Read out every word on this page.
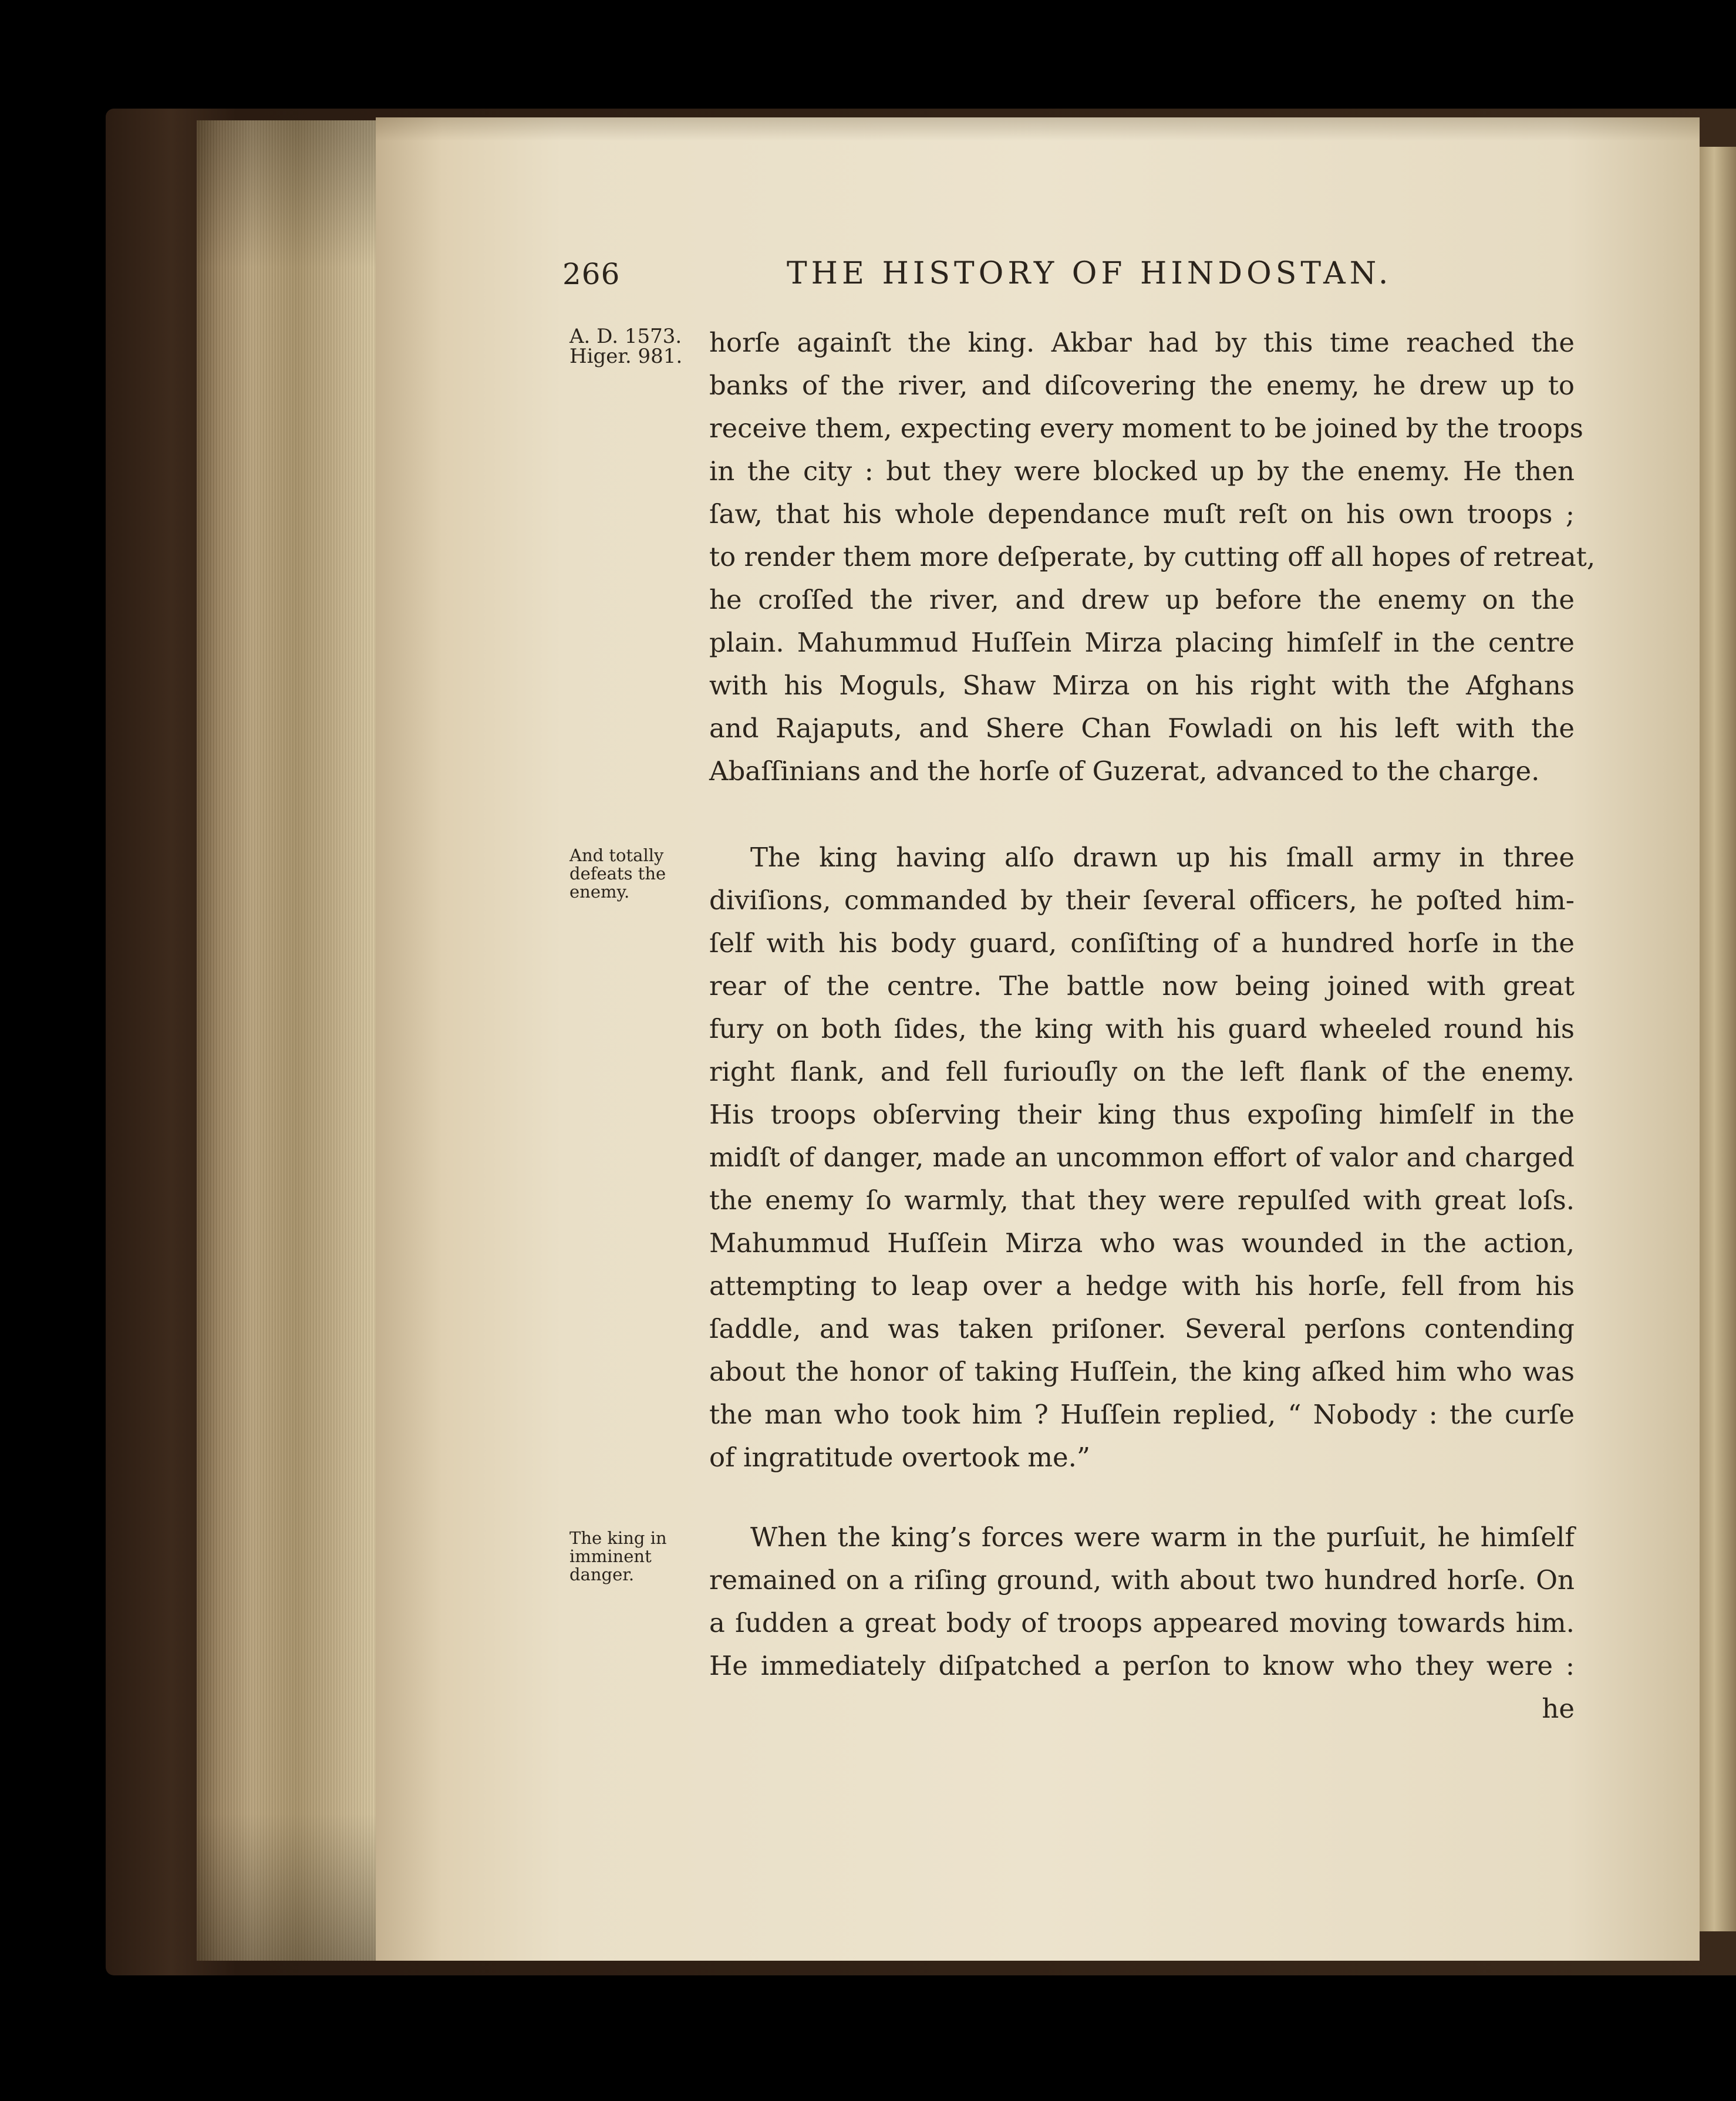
266	THE HISTORY OF HINDOSTAN.
A. D. 1573.
Higer. 981.
And totally
defeats the
enemy.
The king in
imminent
danger.
horſe againſt the king. Akbar had by this time reached the
banks of the river, and diſcovering the enemy, he drew up to
receive them, expecting every moment to be joined by the troops
in the city : but they were blocked up by the enemy. He then
ſaw, that his whole dependance muſt reſt on his own troops ;
to render them more deſperate, by cutting off all hopes of retreat,
he croſſed the river, and drew up before the enemy on the
plain. Mahummud Huſſein Mirza placing himſelf in the centre
with his Moguls, Shaw Mirza on his right with the Afghans
and Rajaputs, and Shere Chan Fowladi on his left with the
Abaſſinians and the horſe of Guzerat, advanced to the charge.
The king having alſo drawn up his ſmall army in three
diviſions, commanded by their ſeveral officers, he poſted him-
ſelf with his body guard, conſiſting of a hundred horſe in the
rear of the centre. The battle now being joined with great
fury on both ſides, the king with his guard wheeled round his
right flank, and fell furiouſly on the left flank of the enemy.
His troops obſerving their king thus expoſing himſelf in the
midſt of danger, made an uncommon effort of valor and charged
the enemy ſo warmly, that they were repulſed with great loſs.
Mahummud Huſſein Mirza who was wounded in the action,
attempting to leap over a hedge with his horſe, fell from his
ſaddle, and was taken priſoner. Several perſons contending
about the honor of taking Huſſein, the king aſked him who was
the man who took him ? Huſſein replied, “ Nobody : the curſe
of ingratitude overtook me.”
When the king’s forces were warm in the purſuit, he himſelf
remained on a riſing ground, with about two hundred horſe. On
a ſudden a great body of troops appeared moving towards him.
He immediately diſpatched a perſon to know who they were :
he
